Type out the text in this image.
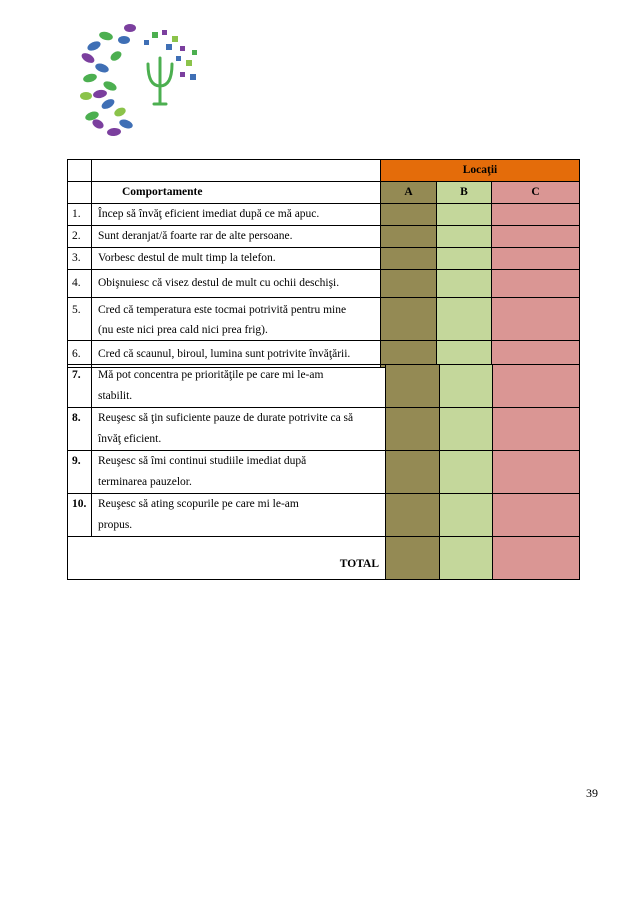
		Locaţii		
	Comportamente	A	B	C
1.	Încep să învăţ eficient imediat după ce mă apuc.			

2.	Sunt deranjat/ă foarte rar de alte persoane.			

3.	Vorbesc destul de mult timp la telefon.			

4.	Obişnuiesc că visez destul de mult cu ochii deschişi.			

5.	Cred că temperatura este tocmai potrivită pentru mine
(nu este nici prea cald nici prea frig).			

6.	Cred că scaunul, biroul, lumina sunt potrivite învăţării.			

7.	Mă pot concentra pe priorităţile pe care mi le-am
stabilit.			

8.	Reuşesc să ţin suficiente pauze de durate potrivite ca să
învăţ eficient.			

9.	Reuşesc să îmi continui studiile imediat după
terminarea pauzelor.			

10.	Reuşesc să ating scopurile pe care mi le-am
propus.			

TOTAL				
39
